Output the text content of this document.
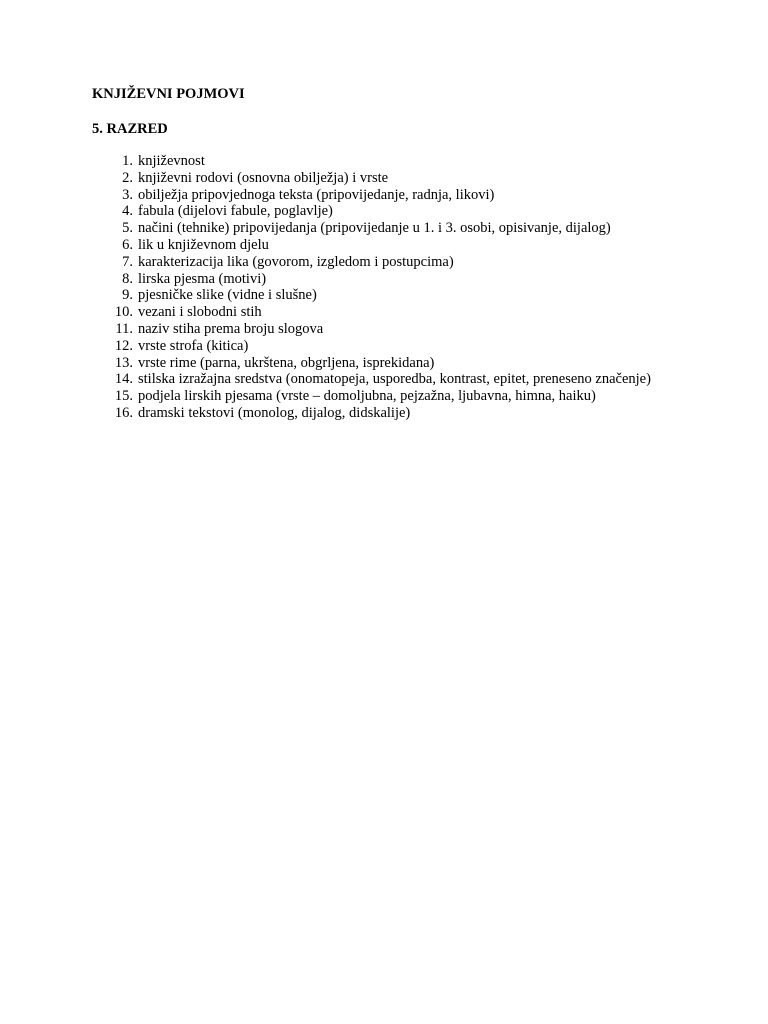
KNJIŽEVNI POJMOVI
5. RAZRED
1. književnost
2. književni rodovi (osnovna obilježja) i vrste
3. obilježja pripovjednoga teksta (pripovijedanje, radnja, likovi)
4. fabula (dijelovi fabule, poglavlje)
5. načini (tehnike) pripovijedanja (pripovijedanje u 1. i 3. osobi, opisivanje, dijalog)
6. lik u književnom djelu
7. karakterizacija lika (govorom, izgledom i postupcima)
8. lirska pjesma (motivi)
9. pjesničke slike (vidne i slušne)
10. vezani i slobodni stih
11. naziv stiha prema broju slogova
12. vrste strofa (kitica)
13. vrste rime (parna, ukrštena, obgrljena, isprekidana)
14. stilska izražajna sredstva (onomatopeja, usporedba, kontrast, epitet, preneseno značenje)
15. podjela lirskih pjesama (vrste – domoljubna, pejzažna, ljubavna, himna, haiku)
16. dramski tekstovi (monolog, dijalog, didskalije)
